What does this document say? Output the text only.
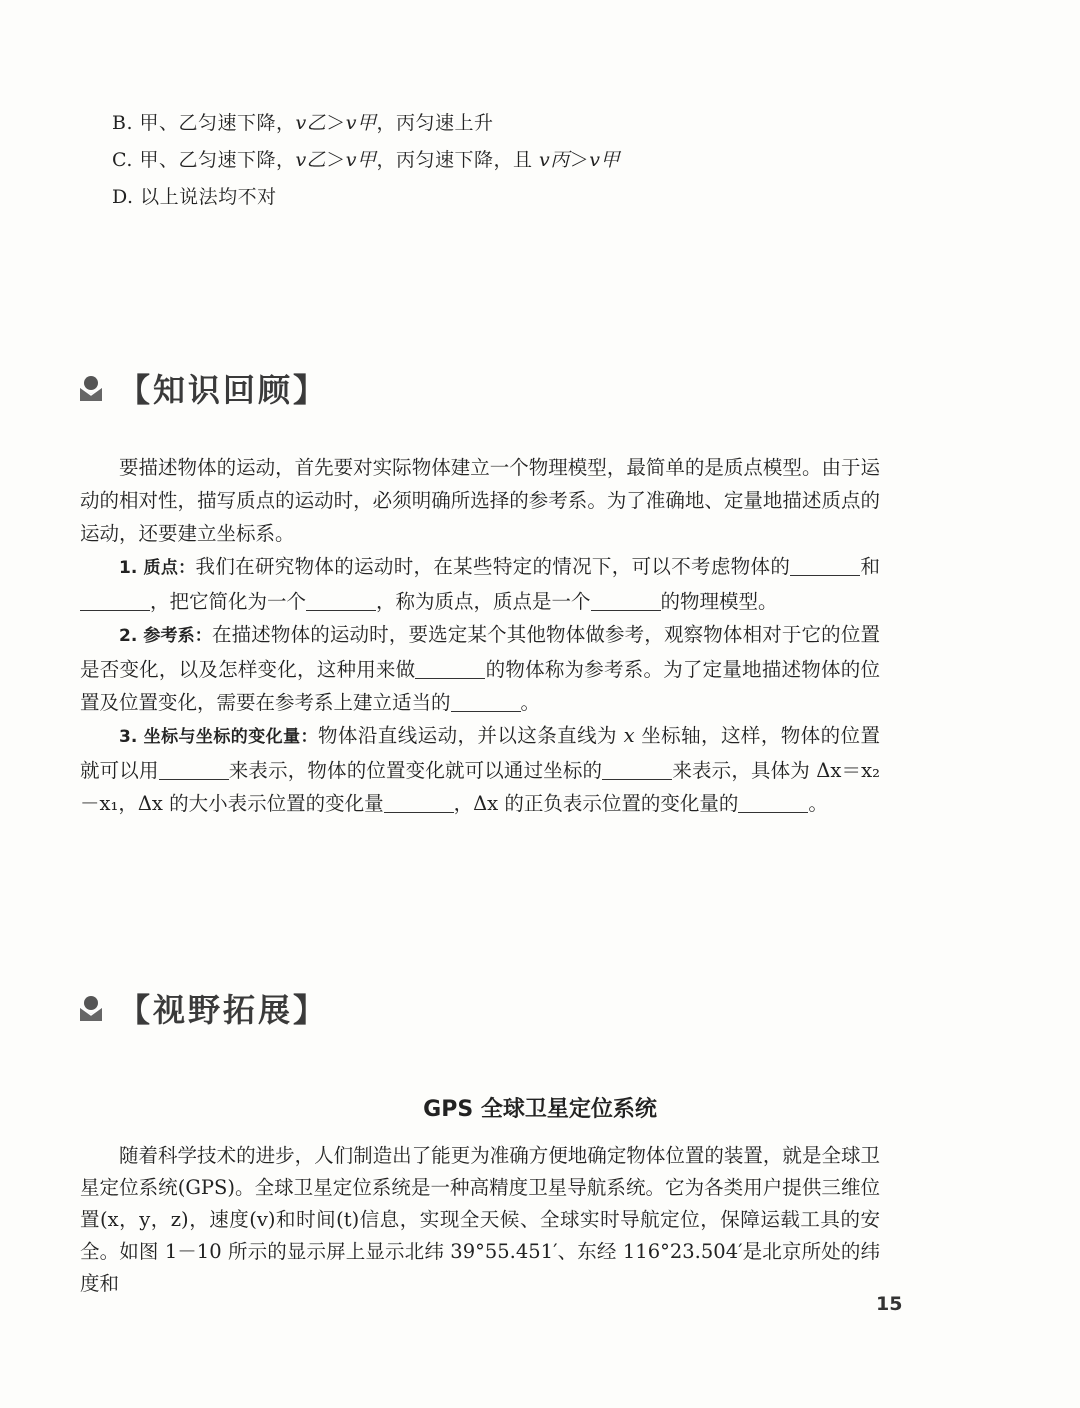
B. 甲、乙匀速下降，v乙＞v甲，丙匀速上升
C. 甲、乙匀速下降，v乙＞v甲，丙匀速下降，且 v丙＞v甲
D. 以上说法均不对
【知识回顾】

要描述物体的运动，首先要对实际物体建立一个物理模型，最简单的是质点模型。由于运动的相对性，描写质点的运动时，必须明确所选择的参考系。为了准确地、定量地描述质点的运动，还要建立坐标系。

1. 质点：我们在研究物体的运动时，在某些特定的情况下，可以不考虑物体的	和，把它简化为一个	，称为质点，质点是一个	的物理模型。

2. 参考系：在描述物体的运动时，要选定某个其他物体做参考，观察物体相对于它的位置是否变化，以及怎样变化，这种用来做	的物体称为参考系。为了定量地描述物体的位置及位置变化，需要在参考系上建立适当的	。

3. 坐标与坐标的变化量：物体沿直线运动，并以这条直线为 x 坐标轴，这样，物体的位置就可以用	来表示，物体的位置变化就可以通过坐标的	来表示，具体为 Δx＝x₂－x₁，Δx 的大小表示位置的变化量	，Δx 的正负表示位置的变化量的	。

【视野拓展】
GPS 全球卫星定位系统

随着科学技术的进步，人们制造出了能更为准确方便地确定物体位置的装置，就是全球卫星定位系统(GPS)。全球卫星定位系统是一种高精度卫星导航系统。它为各类用户提供三维位置(x，y，z)，速度(v)和时间(t)信息，实现全天候、全球实时导航定位，保障运载工具的安全。如图 1－10 所示的显示屏上显示北纬 39°55.451′、东经 116°23.504′是北京所处的纬度和

15
